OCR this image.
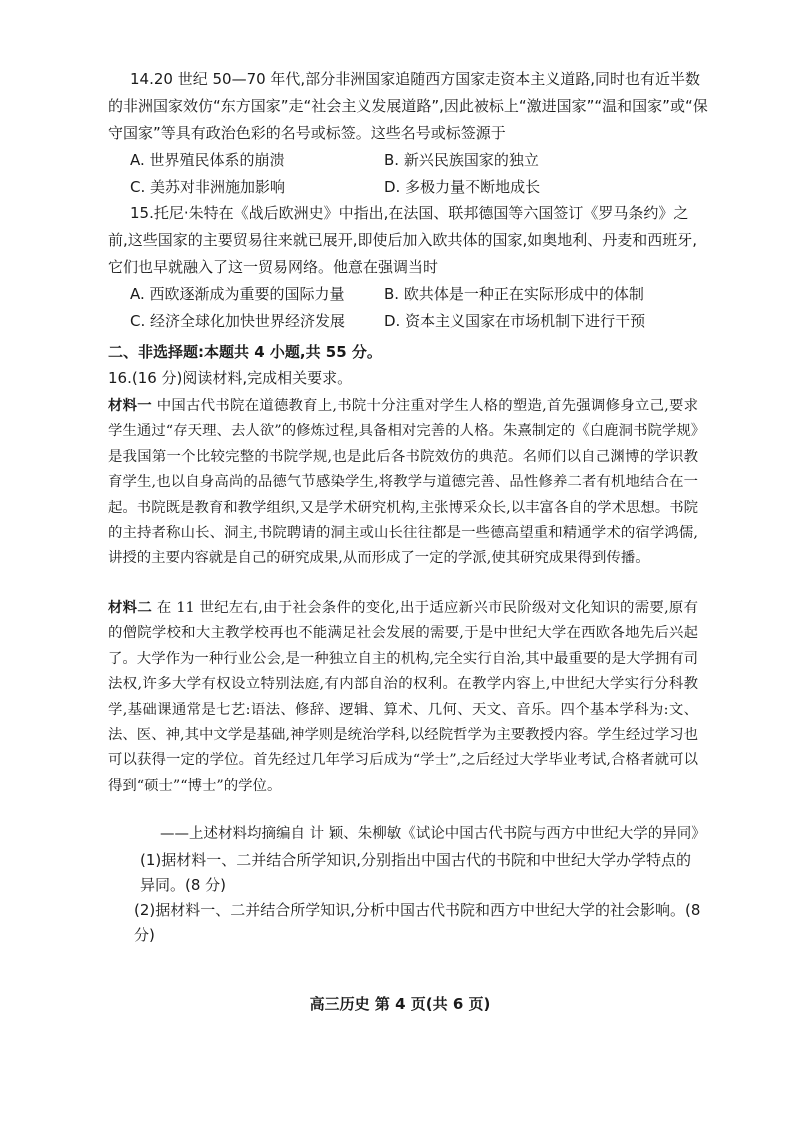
14.20 世纪 50—70 年代,部分非洲国家追随西方国家走资本主义道路,同时也有近半数的非洲国家效仿“东方国家”走“社会主义发展道路”,因此被标上“激进国家”“温和国家”或“保守国家”等具有政治色彩的名号或标签。这些名号或标签源于

A. 世界殖民体系的崩溃	B. 新兴民族国家的独立
C. 美苏对非洲施加影响	D. 多极力量不断地成长

15.托尼·朱特在《战后欧洲史》中指出,在法国、联邦德国等六国签订《罗马条约》之前,这些国家的主要贸易往来就已展开,即使后加入欧共体的国家,如奥地利、丹麦和西班牙,它们也早就融入了这一贸易网络。他意在强调当时

A. 西欧逐渐成为重要的国际力量	B. 欧共体是一种正在实际形成中的体制
C. 经济全球化加快世界经济发展	D. 资本主义国家在市场机制下进行干预
二、非选择题:本题共 4 小题,共 55 分。
16.(16 分)阅读材料,完成相关要求。
材料一 中国古代书院在道德教育上,书院十分注重对学生人格的塑造,首先强调修身立己,要求学生通过“存天理、去人欲”的修炼过程,具备相对完善的人格。朱熹制定的《白鹿洞书院学规》是我国第一个比较完整的书院学规,也是此后各书院效仿的典范。名师们以自己渊博的学识教育学生,也以自身高尚的品德气节感染学生,将教学与道德完善、品性修养二者有机地结合在一起。书院既是教育和教学组织,又是学术研究机构,主张博采众长,以丰富各自的学术思想。书院的主持者称山长、洞主,书院聘请的洞主或山长往往都是一些德高望重和精通学术的宿学鸿儒,讲授的主要内容就是自己的研究成果,从而形成了一定的学派,使其研究成果得到传播。
材料二 在 11 世纪左右,由于社会条件的变化,出于适应新兴市民阶级对文化知识的需要,原有的僧院学校和大主教学校再也不能满足社会发展的需要,于是中世纪大学在西欧各地先后兴起了。大学作为一种行业公会,是一种独立自主的机构,完全实行自治,其中最重要的是大学拥有司法权,许多大学有权设立特别法庭,有内部自治的权利。在教学内容上,中世纪大学实行分科教学,基础课通常是七艺:语法、修辞、逻辑、算术、几何、天文、音乐。四个基本学科为:文、法、医、神,其中文学是基础,神学则是统治学科,以经院哲学为主要教授内容。学生经过学习也可以获得一定的学位。首先经过几年学习后成为“学士”,之后经过大学毕业考试,合格者就可以得到“硕士”“博士”的学位。
——上述材料均摘编自 计 颖、朱柳敏《试论中国古代书院与西方中世纪大学的异同》
(1)据材料一、二并结合所学知识,分别指出中国古代的书院和中世纪大学办学特点的异同。(8 分)
(2)据材料一、二并结合所学知识,分析中国古代书院和西方中世纪大学的社会影响。(8 分)
高三历史 第 4 页(共 6 页)
